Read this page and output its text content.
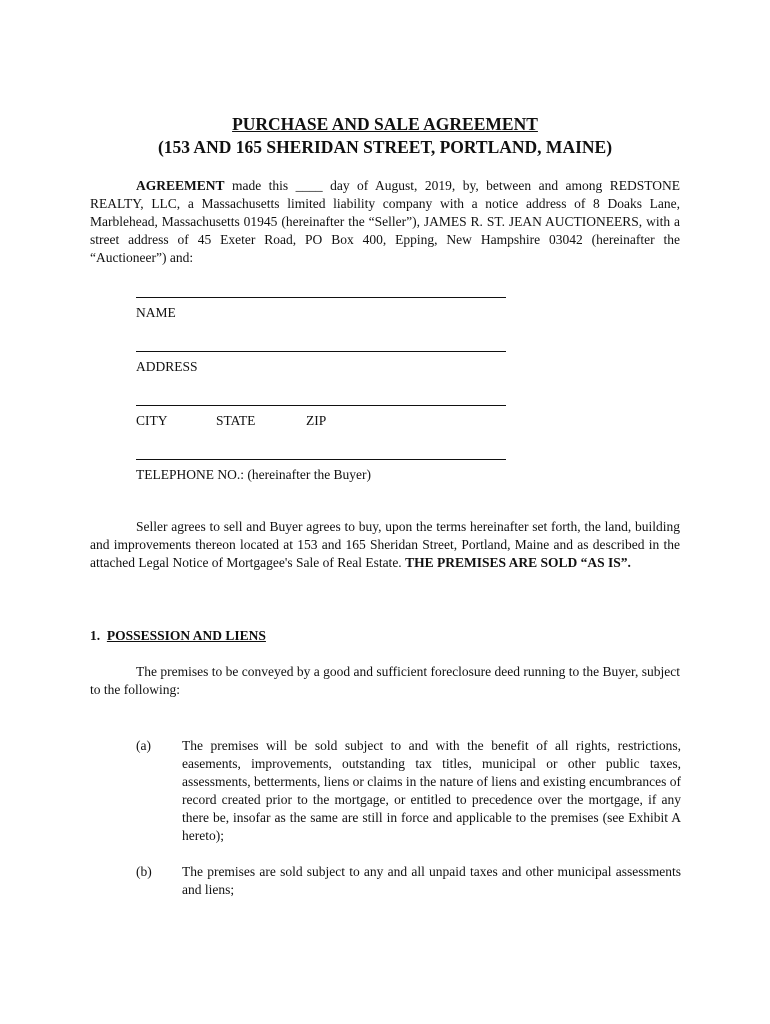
PURCHASE AND SALE AGREEMENT
(153 AND 165 SHERIDAN STREET, PORTLAND, MAINE)
AGREEMENT made this ____ day of August, 2019, by, between and among REDSTONE REALTY, LLC, a Massachusetts limited liability company with a notice address of 8 Doaks Lane, Marblehead, Massachusetts 01945 (hereinafter the “Seller”), JAMES R. ST. JEAN AUCTIONEERS, with a street address of 45 Exeter Road, PO Box 400, Epping, New Hampshire 03042 (hereinafter the “Auctioneer”) and:
NAME
ADDRESS
CITY	STATE	ZIP
TELEPHONE NO.: (hereinafter the Buyer)
Seller agrees to sell and Buyer agrees to buy, upon the terms hereinafter set forth, the land, building and improvements thereon located at 153 and 165 Sheridan Street, Portland, Maine and as described in the attached Legal Notice of Mortgagee's Sale of Real Estate. THE PREMISES ARE SOLD “AS IS”.
1. POSSESSION AND LIENS
The premises to be conveyed by a good and sufficient foreclosure deed running to the Buyer, subject to the following:
(a) The premises will be sold subject to and with the benefit of all rights, restrictions, easements, improvements, outstanding tax titles, municipal or other public taxes, assessments, betterments, liens or claims in the nature of liens and existing encumbrances of record created prior to the mortgage, or entitled to precedence over the mortgage, if any there be, insofar as the same are still in force and applicable to the premises (see Exhibit A hereto);
(b) The premises are sold subject to any and all unpaid taxes and other municipal assessments and liens;
